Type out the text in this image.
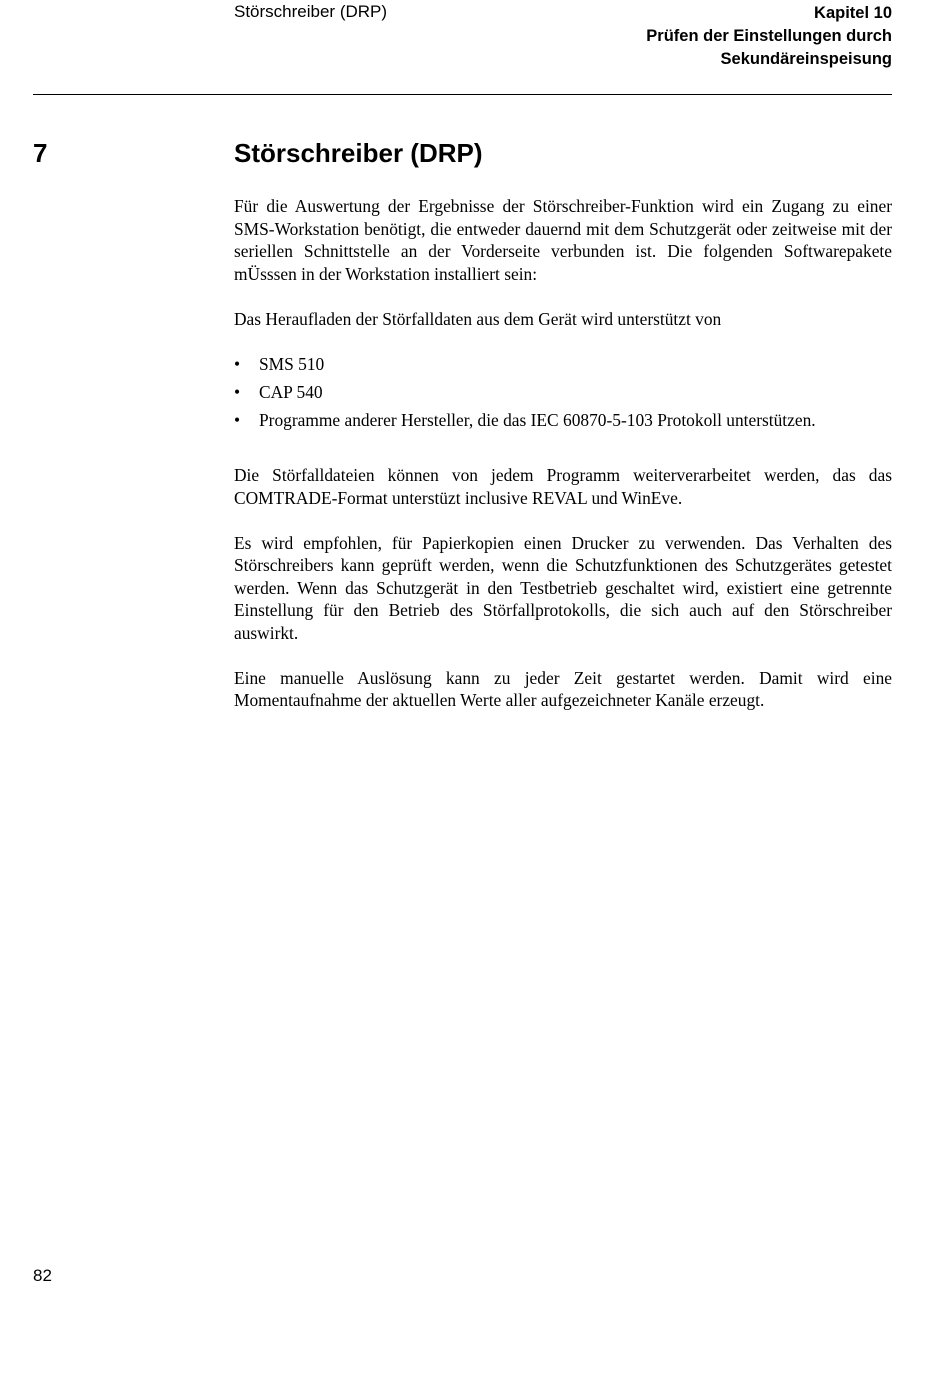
Störschreiber (DRP)	Kapitel 10
Prüfen der Einstellungen durch
Sekundäreinspeisung
7	Störschreiber (DRP)

Für die Auswertung der Ergebnisse der Störschreiber-Funktion wird ein Zugang zu einer SMS-Workstation benötigt, die entweder dauernd mit dem Schutzgerät oder zeitweise mit der seriellen Schnittstelle an der Vorderseite verbunden ist. Die folgenden Softwarepakete mÜsssen in der Workstation installiert sein:

Das Heraufladen der Störfalldaten aus dem Gerät wird unterstützt von

• SMS 510
• CAP 540
• Programme anderer Hersteller, die das IEC 60870-5-103 Protokoll unterstützen.

Die Störfalldateien können von jedem Programm weiterverarbeitet werden, das das COMTRADE-Format unterstüzt inclusive REVAL und WinEve.

Es wird empfohlen, für Papierkopien einen Drucker zu verwenden. Das Verhalten des Störschreibers kann geprüft werden, wenn die Schutzfunktionen des Schutzgerätes getestet werden. Wenn das Schutzgerät in den Testbetrieb geschaltet wird, existiert eine getrennte Einstellung für den Betrieb des Störfallprotokolls, die sich auch auf den Störschreiber auswirkt.

Eine manuelle Auslösung kann zu jeder Zeit gestartet werden. Damit wird eine Momentaufnahme der aktuellen Werte aller aufgezeichneter Kanäle erzeugt.

82
